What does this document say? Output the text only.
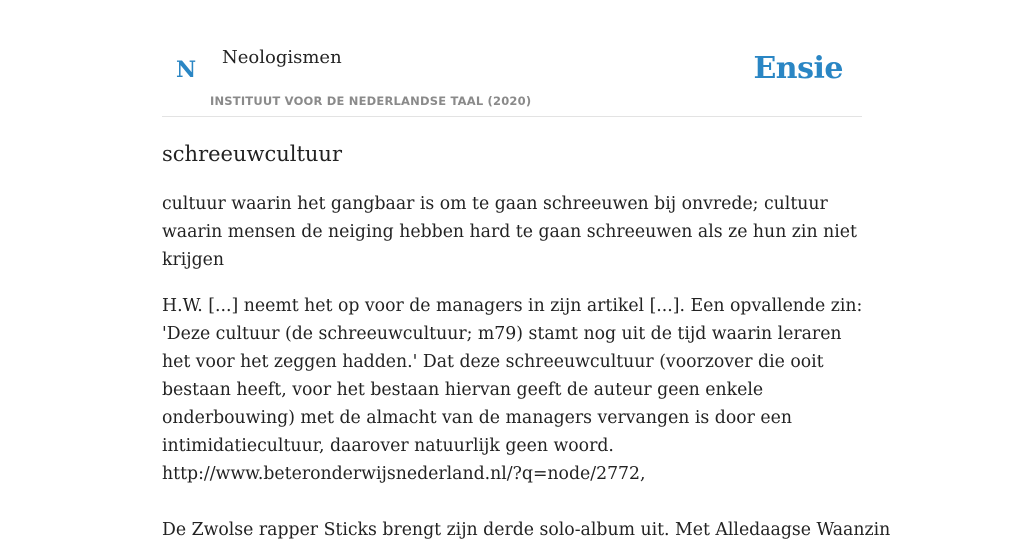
N Neologismen
INSTITUUT VOOR DE NEDERLANDSE TAAL (2020)
Ensie
schreeuwcultuur

cultuur waarin het gangbaar is om te gaan schreeuwen bij onvrede; cultuur waarin mensen de neiging hebben hard te gaan schreeuwen als ze hun zin niet krijgen

H.W. [...] neemt het op voor de managers in zijn artikel [...]. Een opvallende zin: 'Deze cultuur (de schreeuwcultuur; m79) stamt nog uit de tijd waarin leraren het voor het zeggen hadden.' Dat deze schreeuwcultuur (voorzover die ooit bestaan heeft, voor het bestaan hiervan geeft de auteur geen enkele onderbouwing) met de almacht van de managers vervangen is door een intimidatiecultuur, daarover natuurlijk geen woord.
http://www.beteronderwijsnederland.nl/?q=node/2772,

De Zwolse rapper Sticks brengt zijn derde solo-album uit. Met Alledaagse Waanzin
